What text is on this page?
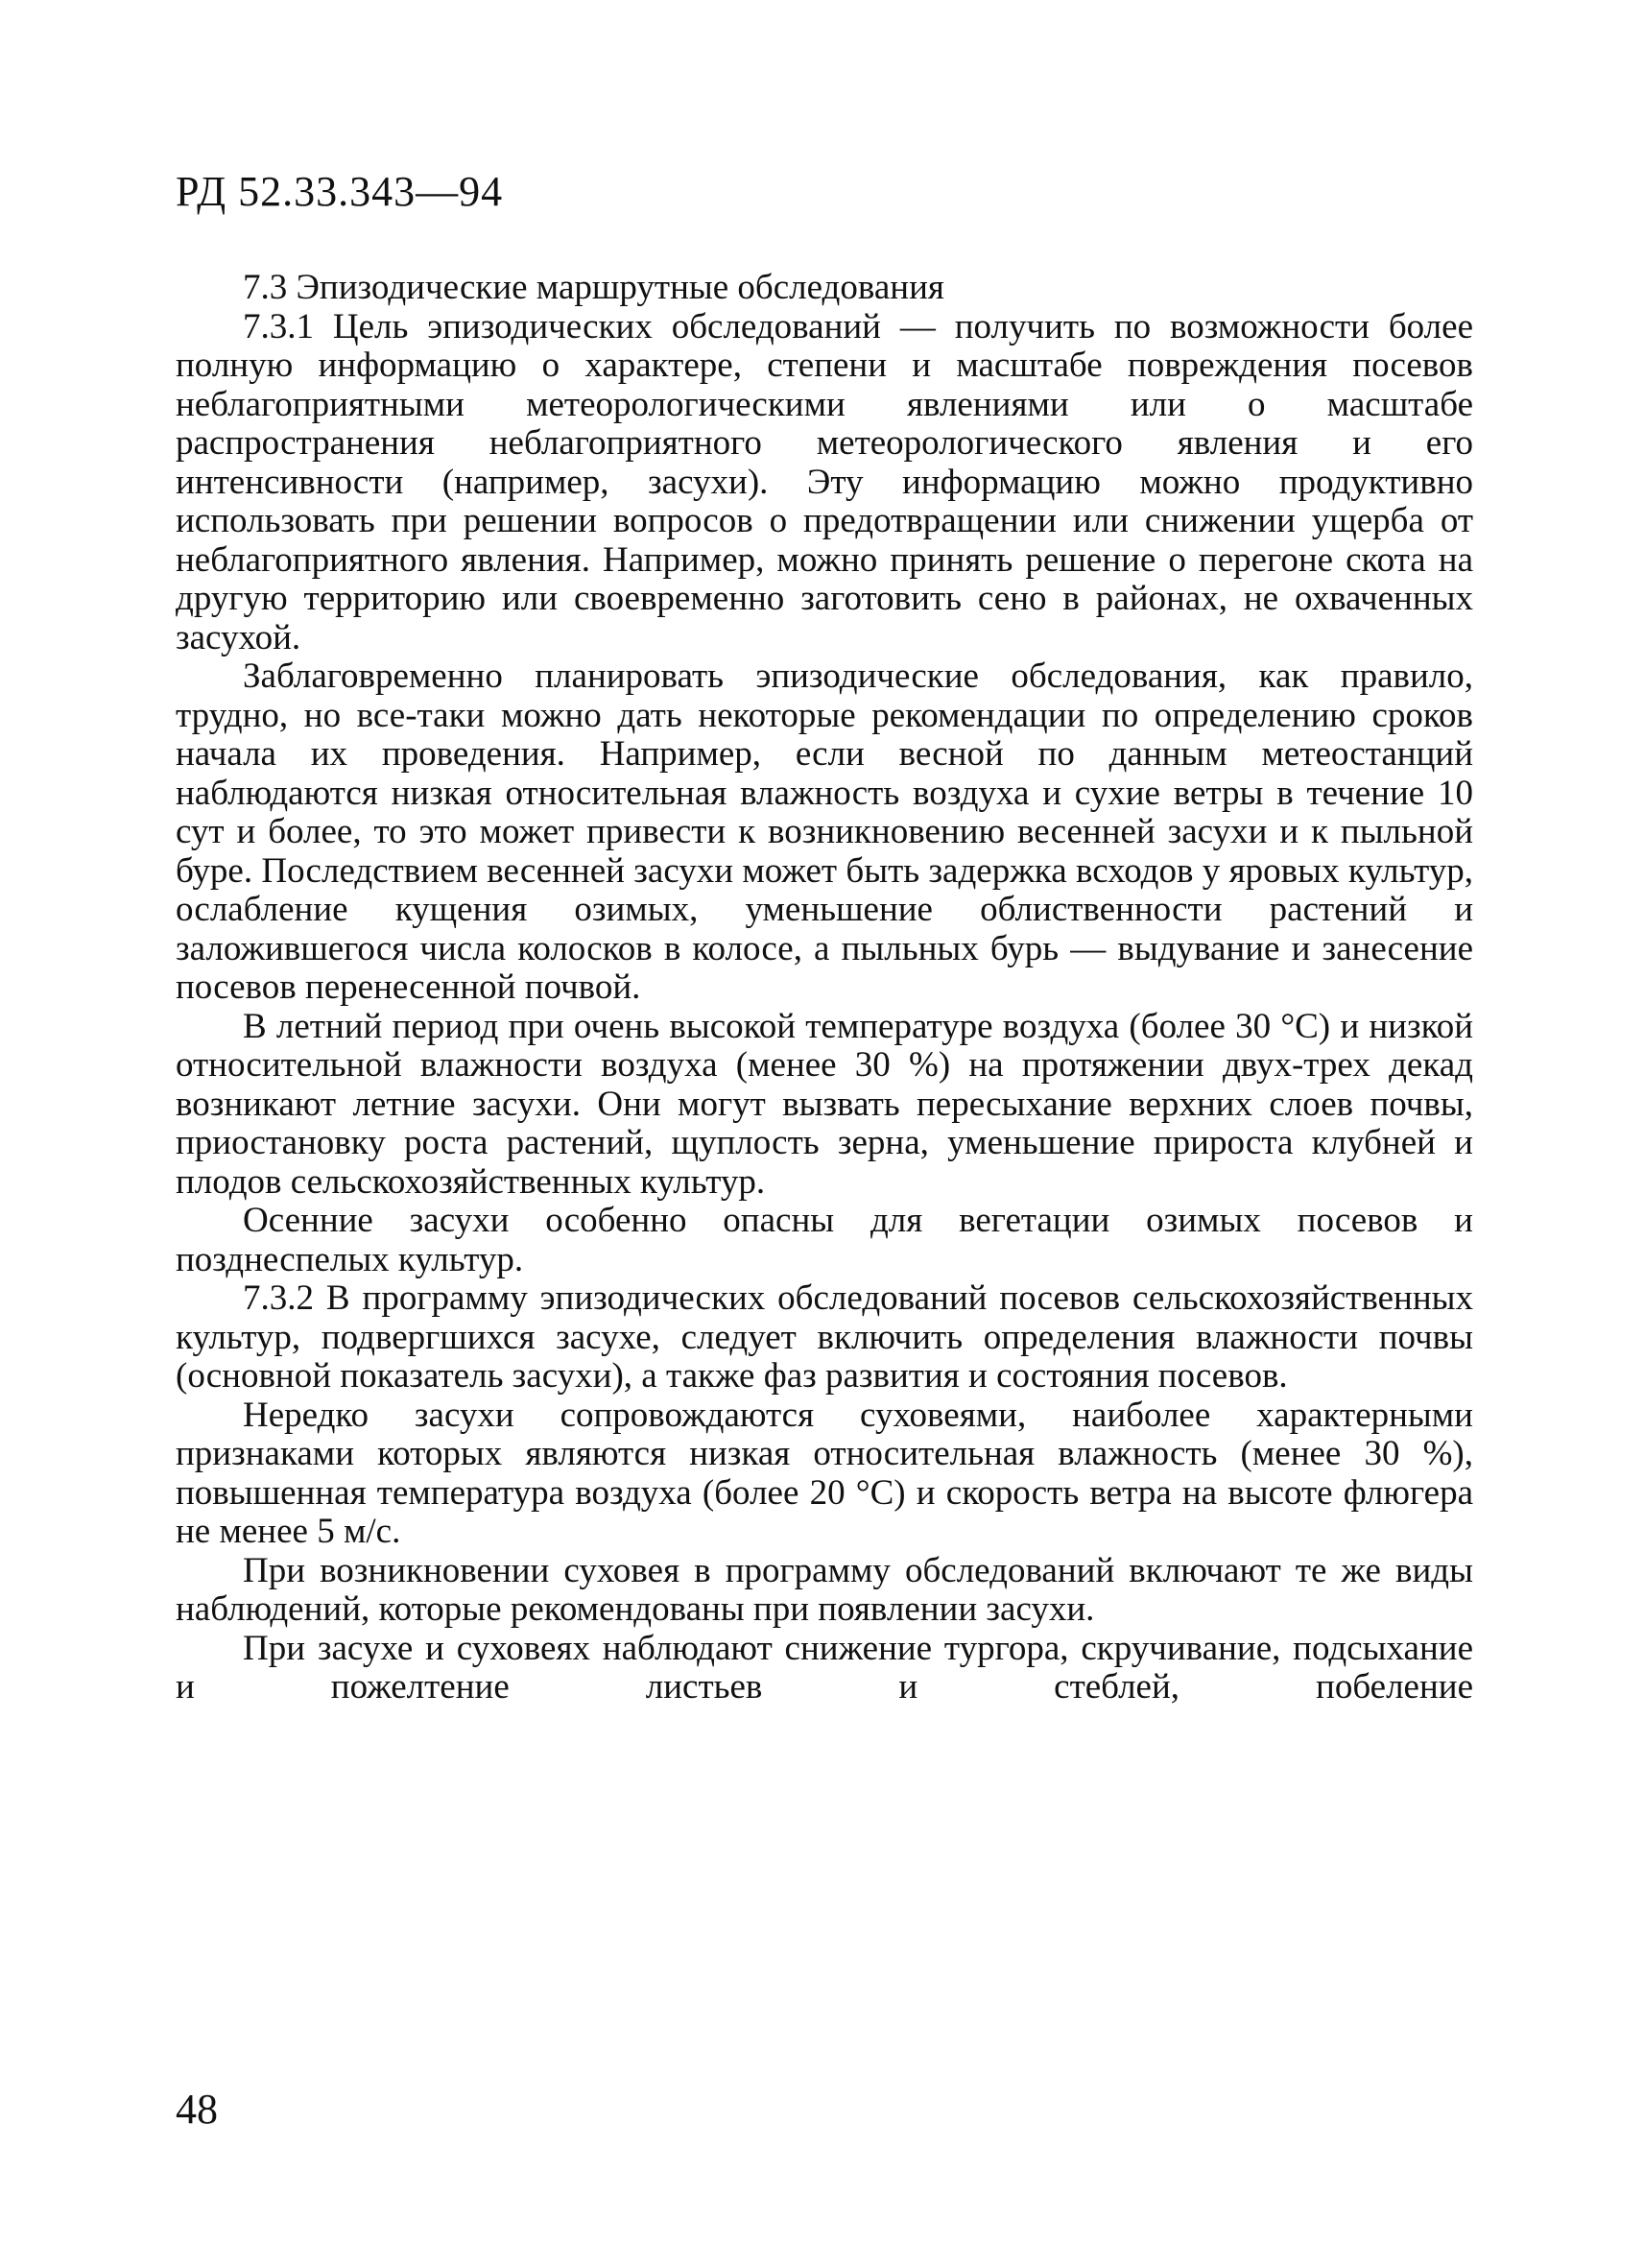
РД 52.33.343—94

7.3 Эпизодические маршрутные обследования

7.3.1 Цель эпизодических обследований — получить по возможности более полную информацию о характере, степени и масштабе повреждения посевов неблагоприятными метеорологическими явлениями или о масштабе распространения неблагоприятного метеорологического явления и его интенсивности (например, засухи). Эту информацию можно продуктивно использовать при решении вопросов о предотвращении или снижении ущерба от неблагоприятного явления. Например, можно принять решение о перегоне скота на другую территорию или своевременно заготовить сено в районах, не охваченных засухой.

Заблаговременно планировать эпизодические обследования, как правило, трудно, но все-таки можно дать некоторые рекомендации по определению сроков начала их проведения. Например, если весной по данным метеостанций наблюдаются низкая относительная влажность воздуха и сухие ветры в течение 10 сут и более, то это может привести к возникновению весенней засухи и к пыльной буре. Последствием весенней засухи может быть задержка всходов у яровых культур, ослабление кущения озимых, уменьшение облиственности растений и заложившегося числа колосков в колосе, а пыльных бурь — выдувание и занесение посевов перенесенной почвой.

В летний период при очень высокой температуре воздуха (более 30 °С) и низкой относительной влажности воздуха (менее 30 %) на протяжении двух-трех декад возникают летние засухи. Они могут вызвать пересыхание верхних слоев почвы, приостановку роста растений, щуплость зерна, уменьшение прироста клубней и плодов сельскохозяйственных культур.

Осенние засухи особенно опасны для вегетации озимых посевов и позднеспелых культур.

7.3.2 В программу эпизодических обследований посевов сельскохозяйственных культур, подвергшихся засухе, следует включить определения влажности почвы (основной показатель засухи), а также фаз развития и состояния посевов.

Нередко засухи сопровождаются суховеями, наиболее характерными признаками которых являются низкая относительная влажность (менее 30 %), повышенная температура воздуха (более 20 °С) и скорость ветра на высоте флюгера не менее 5 м/с.

При возникновении суховея в программу обследований включают те же виды наблюдений, которые рекомендованы при появлении засухи.

При засухе и суховеях наблюдают снижение тургора, скручивание, подсыхание и пожелтение листьев и стеблей, побеление

48
